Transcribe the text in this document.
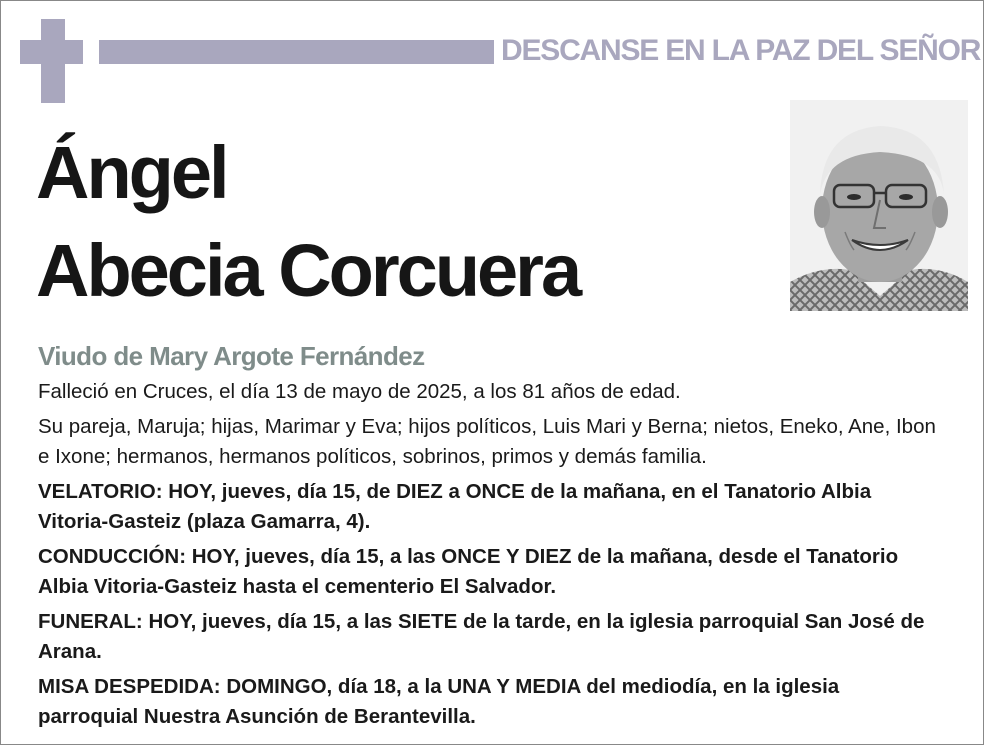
DESCANSE EN LA PAZ DEL SEÑOR
Ángel
Abecia Corcuera
Viudo de Mary Argote Fernández

Falleció en Cruces, el día 13 de mayo de 2025, a los 81 años de edad.

Su pareja, Maruja; hijas, Marimar y Eva; hijos políticos, Luis Mari y Berna; nietos, Eneko, Ane, Ibon e Ixone; hermanos, hermanos políticos, sobrinos, primos y demás familia.

VELATORIO: HOY, jueves, día 15, de DIEZ a ONCE de la mañana, en el Tanatorio Albia Vitoria-Gasteiz (plaza Gamarra, 4).

CONDUCCIÓN: HOY, jueves, día 15, a las ONCE Y DIEZ de la mañana, desde el Tanatorio Albia Vitoria-Gasteiz hasta el cementerio El Salvador.

FUNERAL: HOY, jueves, día 15, a las SIETE de la tarde, en la iglesia parroquial San José de Arana.

MISA DESPEDIDA: DOMINGO, día 18, a la UNA Y MEDIA del mediodía, en la iglesia parroquial Nuestra Asunción de Berantevilla.
